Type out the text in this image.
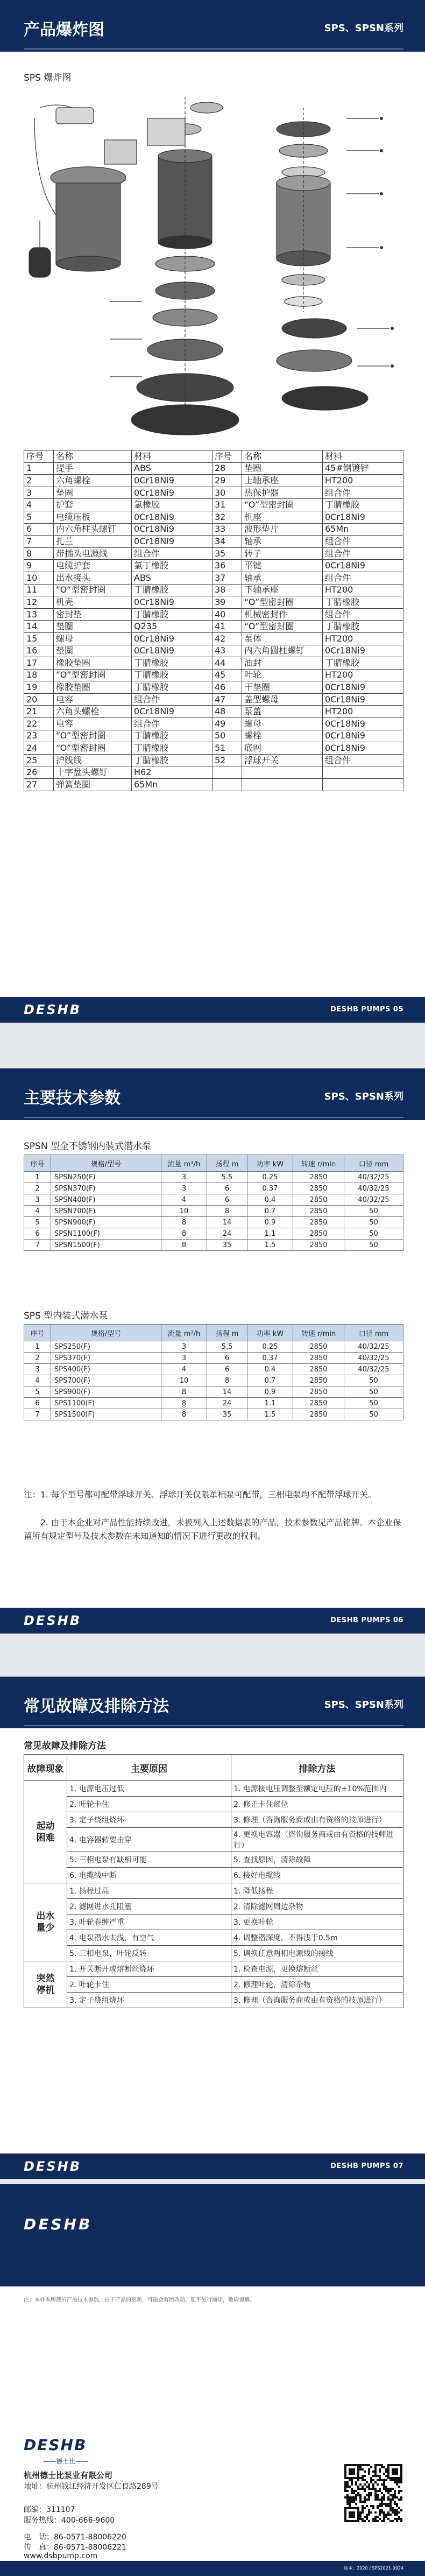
产品爆炸图	SPS、SPSN系列
SPS 爆炸图
序号	名称	材料	序号	名称	材料
1	提手	ABS	28	垫圈	45#钢镀锌
2	六角螺栓	0Cr18Ni9	29	上轴承座	HT200
3	垫圈	0Cr18Ni9	30	热保护器	组合件
4	护套	氯橡胶	31	“O”型密封圈	丁腈橡胶
5	电缆压板	0Cr18Ni9	32	机座	0Cr18Ni9
6	内六角柱头螺钉	0Cr18Ni9	33	波形垫片	65Mn
7	扎兰	0Cr18Ni9	34	轴承	组合件
8	带插头电源线	组合件	35	转子	组合件
9	电缆护套	氯丁橡胶	36	平键	0Cr18Ni9
10	出水接头	ABS	37	轴承	组合件
11	“O”型密封圈	丁腈橡胶	38	下轴承座	HT200
12	机壳	0Cr18Ni9	39	“O”型密封圈	丁腈橡胶
13	密封垫	丁腈橡胶	40	机械密封件	组合件
14	垫圈	Q235	41	“O”型密封圈	丁腈橡胶
15	螺母	0Cr18Ni9	42	泵体	HT200
16	垫圈	0Cr18Ni9	43	内六角圆柱螺钉	0Cr18Ni9
17	橡胶垫圈	丁腈橡胶	44	油封	丁腈橡胶
18	“O”型密封圈	丁腈橡胶	45	叶轮	HT200
19	橡胶垫圈	丁腈橡胶	46	干垫圈	0Cr18Ni9
20	电容	组合件	47	盖型螺母	0Cr18Ni9
21	六角头螺栓	0Cr18Ni9	48	泵盖	HT200
22	电容	组合件	49	螺母	0Cr18Ni9
23	“O”型密封圈	丁腈橡胶	50	螺栓	0Cr18Ni9
24	“O”型密封圈	丁腈橡胶	51	底网	0Cr18Ni9
25	护线线	丁腈橡胶	52	浮球开关	组合件
26	十字盘头螺钉	H62			
27	弹簧垫圈	65Mn			
DESHB	DESHB PUMPS 05
主要技术参数	SPS、SPSN系列
SPSN 型全不锈钢内装式潜水泵
序号	规格/型号	流量 m³/h	扬程 m	功率 kW	转速 r/min	口径 mm
1	SPSN250(F)	3	5.5	0.25	2850	40/32/25
2	SPSN370(F)	3	6	0.37	2850	40/32/25
3	SPSN400(F)	4	6	0.4	2850	40/32/25
4	SPSN700(F)	10	8	0.7	2850	50
5	SPSN900(F)	8	14	0.9	2850	50
6	SPSN1100(F)	8	24	1.1	2850	50
7	SPSN1500(F)	8	35	1.5	2850	50
SPS 型内装式潜水泵
序号	规格/型号	流量 m³/h	扬程 m	功率 kW	转速 r/min	口径 mm
1	SPS250(F)	3	5.5	0.25	2850	40/32/25
2	SPS370(F)	3	6	0.37	2850	40/32/25
3	SPS400(F)	4	6	0.4	2850	40/32/25
4	SPS700(F)	10	8	0.7	2850	50
5	SPS900(F)	8	14	0.9	2850	50
6	SPS1100(F)	8	24	1.1	2850	50
7	SPS1500(F)	8	35	1.5	2850	50
注：1. 每个型号都可配带浮球开关、浮球开关仅限单相泵可配带，三相电泵均不配带浮球开关。
2. 由于本企业对产品性能持续改进，未被列入上述数据表的产品，技术参数见产品铭牌。本企业保留所有规定型号及技术参数在未知通知的情况下进行更改的权利。
DESHB	DESHB PUMPS 06
常见故障及排除方法	SPS、SPSN系列
常见故障及排除方法
故障现象	主要原因	排除方法
起动困难	1. 电源电压过低	1. 电源接电压调整至额定电压的±10%范围内
	2. 叶轮卡住	2. 修正卡住部位
	3. 定子绕组烧坏	3. 修理（咨询服务商或由有资格的技师进行）
	4. 电容器转要击穿	4. 更换电容器（咨询服务商或由有资格的技师进行）
	5. 三相电泵有缺相可能	5. 查找原因，清除故障
	6. 电缆线中断	6. 接好电缆线
出水量少	1. 扬程过高	1. 降低扬程
	2. 滤网进水孔阻塞	2. 清除滤网周边杂物
	3. 叶轮卷缠严重	3. 更换叶轮
	4. 电泵潜水太浅，有空气	4. 调整潜深度，不得浅于0.5m
	5. 三相电泵，叶轮反转	5. 调换任意两相电源线的接线
突然停机	1. 开关断开或熔断丝烧坏	1. 检查电源，更换熔断丝
	2. 叶轮卡住	2. 修理叶轮，清除杂物
	3. 定子绕组烧坏	3. 修理（咨询服务商或由有资格的技师进行）
DESHB	DESHB PUMPS 07
DESHB
注：本样本所载的产品技术参数，由于产品的更新，可能会有所改动，恕不另行通知，敬请谅解。
DESHB
——德士比——
杭州德士比泵业有限公司
地址：杭州钱江经济开发区仁良路289号
邮编：311107
服务热线：400-666-9600
电　话：86-0571-88006220
传　真：86-0571-88006221
www.dsbpump.com
版本：2020 / SPS2021-0924
